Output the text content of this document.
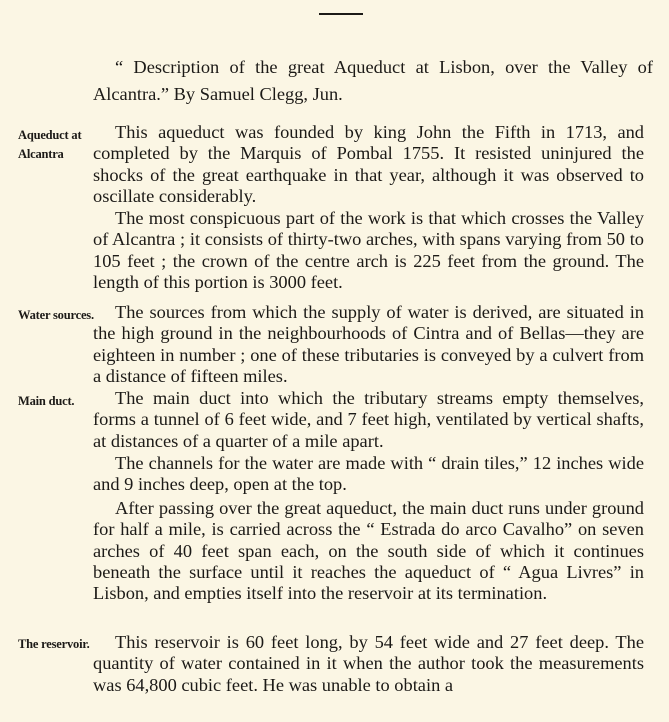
“ Description of the great Aqueduct at Lisbon, over the Valley of Alcantra.” By Samuel Clegg, Jun.

Aqueduct at Alcantra

Water sources.

Main duct.

The reservoir.

This aqueduct was founded by king John the Fifth in 1713, and completed by the Marquis of Pombal 1755. It resisted uninjured the shocks of the great earthquake in that year, although it was observed to oscillate considerably.

The most conspicuous part of the work is that which crosses the Valley of Alcantra ; it consists of thirty-two arches, with spans varying from 50 to 105 feet ; the crown of the centre arch is 225 feet from the ground. The length of this portion is 3000 feet.

The sources from which the supply of water is derived, are situated in the high ground in the neighbourhoods of Cintra and of Bellas—they are eighteen in number ; one of these tributaries is conveyed by a culvert from a distance of fifteen miles.

The main duct into which the tributary streams empty themselves, forms a tunnel of 6 feet wide, and 7 feet high, ventilated by vertical shafts, at distances of a quarter of a mile apart.

The channels for the water are made with “ drain tiles,” 12 inches wide and 9 inches deep, open at the top.

After passing over the great aqueduct, the main duct runs under ground for half a mile, is carried across the “ Estrada do arco Cavalho” on seven arches of 40 feet span each, on the south side of which it continues beneath the surface until it reaches the aqueduct of “ Agua Livres” in Lisbon, and empties itself into the reservoir at its termination.

This reservoir is 60 feet long, by 54 feet wide and 27 feet deep. The quantity of water contained in it when the author took the measurements was 64,800 cubic feet. He was unable to obtain a
